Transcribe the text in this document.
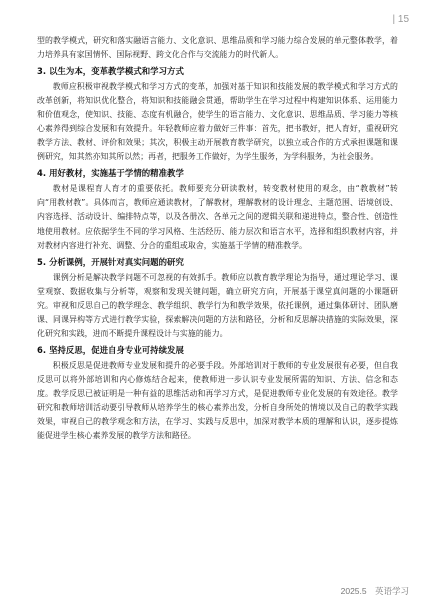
| 15

型的教学模式，研究和落实融语言能力、文化意识、思维品质和学习能力综合发展的单元整体教学，着力培养具有家国情怀、国际视野、跨文化合作与交流能力的时代新人。

3. 以生为本，变革教学模式和学习方式

教师应积极审视教学模式和学习方式的变革，加强对基于知识和技能发展的教学模式和学习方式的改革创新，将知识优化整合，将知识和技能融会贯通，帮助学生在学习过程中构建知识体系、运用能力和价值观念，使知识、技能、态度有机融合，使学生的语言能力、文化意识、思维品质、学习能力等核心素养得到综合发展和有效提升。年轻教师应着力做好三件事：首先，把书教好，把人育好，重视研究教学方法、教材、评价和效果；其次，积极主动开展教育教学研究，以独立或合作的方式承担课题和课例研究，知其然亦知其所以然；再者，把服务工作做好，为学生服务，为学科服务，为社会服务。

4. 用好教材，实施基于学情的精准教学

教材是课程育人育才的重要依托。教师要充分研读教材，转变教材使用的观念，由“教教材”转向“用教材教”。具体而言，教师应通读教材，了解教材，理解教材的设计理念、主题范围、语境创设、内容选择、活动设计、编排特点等，以及各册次、各单元之间的逻辑关联和递进特点，整合性、创造性地使用教材。应依据学生不同的学习风格、生活经历、能力层次和语言水平，选择和组织教材内容，并对教材内容进行补充、调整、分合的重组或取舍，实施基于学情的精准教学。

5. 分析课例，开展针对真实问题的研究

课例分析是解决教学问题不可忽视的有效抓手。教师应以教育教学理论为指导，通过理论学习、课堂观察、数据收集与分析等，观察和发现关键问题，确立研究方向，开展基于课堂真问题的小课题研究。审视和反思自己的教学理念、教学组织、教学行为和教学效果，依托课例，通过集体研讨、团队磨课、同课异构等方式进行教学实验，探索解决问题的方法和路径，分析和反思解决措施的实际效果，深化研究和实践，进而不断提升课程设计与实施的能力。

6. 坚持反思，促进自身专业可持续发展

积极反思是促进教师专业发展和提升的必要手段。外部培训对于教师的专业发展很有必要，但自我反思可以将外部培训和内心修炼结合起来，使教师进一步认识专业发展所需的知识、方法、信念和态度。教学反思已被证明是一种有益的思维活动和再学习方式，是促进教师专业化发展的有效途径。教学研究和教师培训活动要引导教师从培养学生的核心素养出发，分析自身所处的情境以及自己的教学实践效果，审视自己的教学观念和方法，在学习、实践与反思中，加深对教学本质的理解和认识，逐步提炼能促进学生核心素养发展的教学方法和路径。

2025.5 英语学习
